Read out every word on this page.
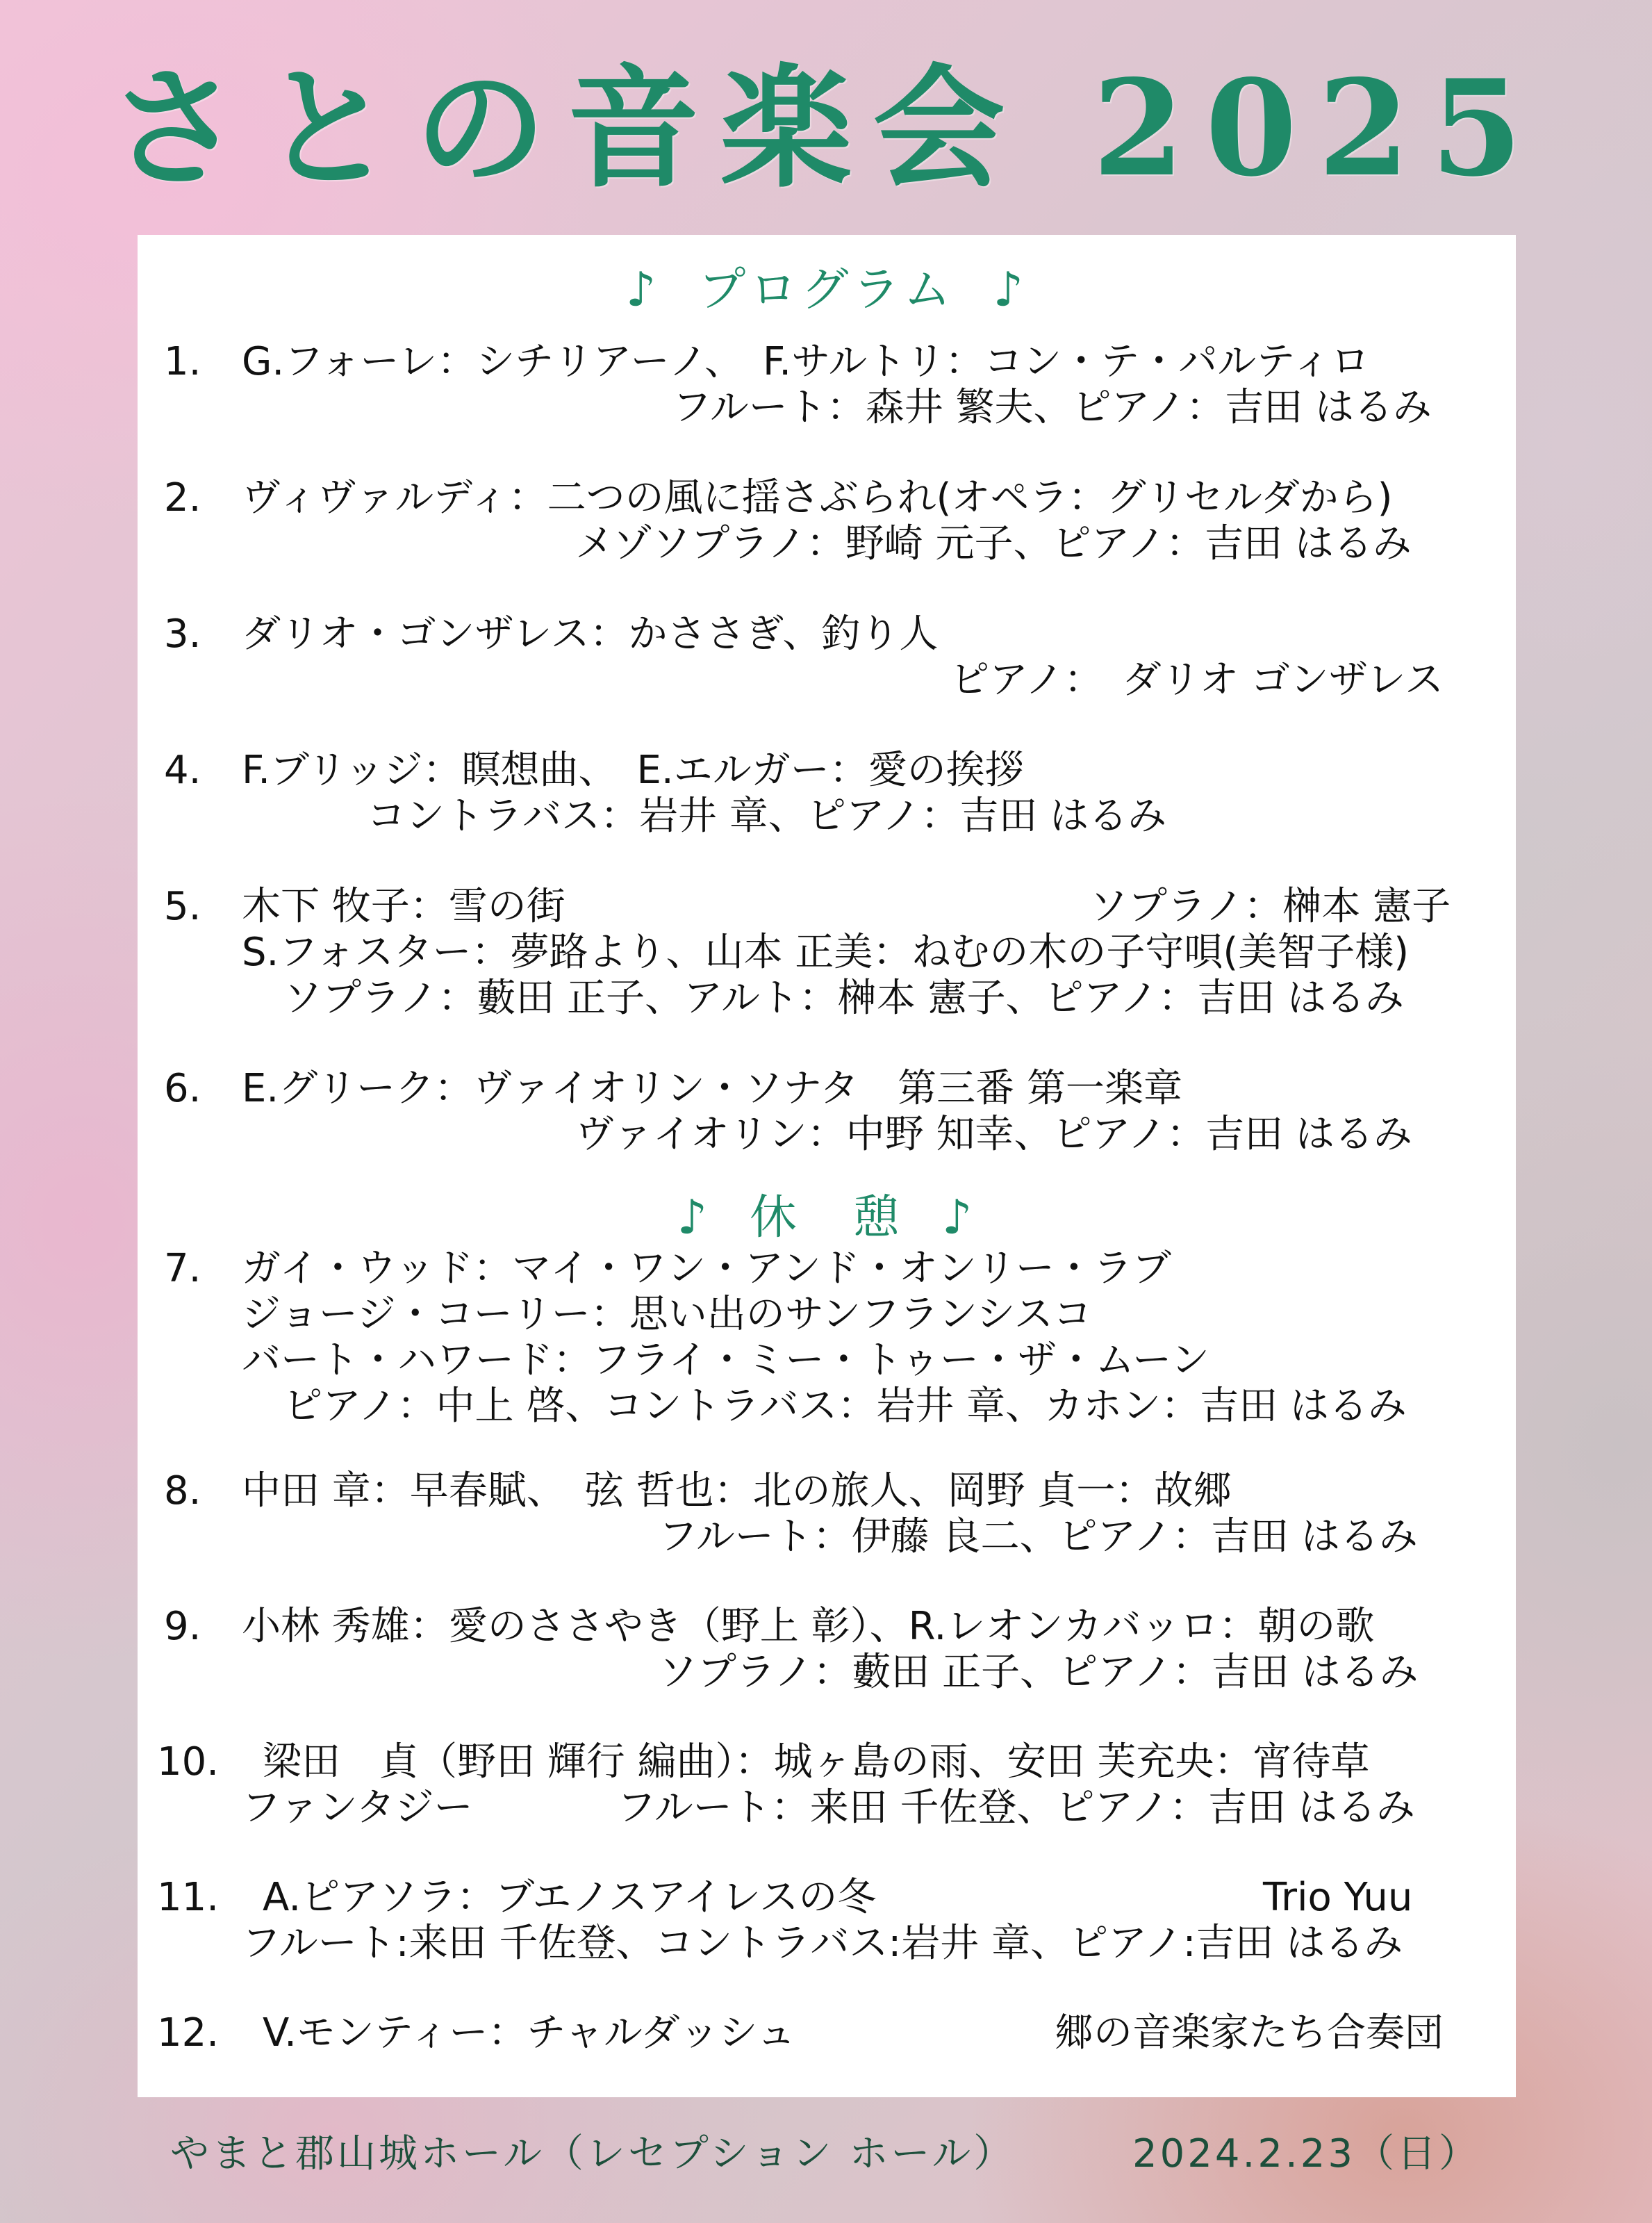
さとの音楽会 2025
♪ プログラム ♪
1. G.フォーレ：シチリアーノ、　F.サルトリ：コン・テ・パルティロ
フルート：森井 繁夫、ピアノ：吉田 はるみ
2. ヴィヴァルディ：二つの風に揺さぶられ(オペラ：グリセルダから)
メゾソプラノ：野崎 元子、ピアノ：吉田 はるみ
3. ダリオ・ゴンザレス：かささぎ、釣り人
ピアノ：　ダリオ ゴンザレス
4. F.ブリッジ：瞑想曲、　E.エルガー：愛の挨拶
コントラバス：岩井 章、ピアノ：吉田 はるみ
5. 木下 牧子：雪の街	ソプラノ：榊本 憲子
S.フォスター：夢路より、山本 正美：ねむの木の子守唄(美智子様)
ソプラノ：藪田 正子、アルト：榊本 憲子、ピアノ：吉田 はるみ
6. E.グリーク：ヴァイオリン・ソナタ　第三番 第一楽章
ヴァイオリン：中野 知幸、ピアノ：吉田 はるみ
♪ 休　憩 ♪
7. ガイ・ウッド：マイ・ワン・アンド・オンリー・ラブ
ジョージ・コーリー：思い出のサンフランシスコ
バート・ハワード：フライ・ミー・トゥー・ザ・ムーン
ピアノ：中上 啓、コントラバス：岩井 章、カホン：吉田 はるみ
8. 中田 章：早春賦、　弦 哲也：北の旅人、岡野 貞一：故郷
フルート：伊藤 良二、ピアノ：吉田 はるみ
9. 小林 秀雄：愛のささやき（野上 彰）、R.レオンカバッロ：朝の歌
ソプラノ：藪田 正子、ピアノ：吉田 はるみ
10. 梁田　貞（野田 輝行 編曲）：城ヶ島の雨、安田 芙充央：宵待草
ファンタジー	フルート：来田 千佐登、ピアノ：吉田 はるみ
11. A.ピアソラ：ブエノスアイレスの冬	Trio Yuu
フルート:来田 千佐登、コントラバス:岩井 章、ピアノ:吉田 はるみ
12. V.モンティー：チャルダッシュ	郷の音楽家たち合奏団
やまと郡山城ホール（レセプション ホール）	2024.2.23（日）
